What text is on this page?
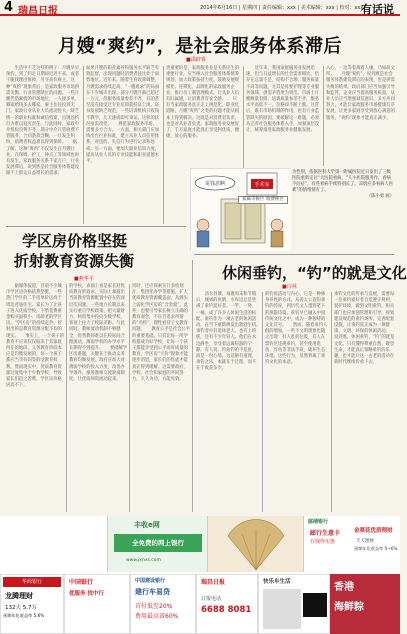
4 瑞昌日报	2014年6月16日 | 星期四 | 责任编辑：xxx | 美术编辑：xxx | 校对：xxx
有话说
月嫂“爽约”，是社会服务体系滞后
■邵辟睿
　　生活中不乏这样的例子：月嫂早早预约，到了约定日期却迟迟不来，或者干脆找理由推掉，另寻高价雇主。这种“爽约”现象背后，是家政服务市场供需失衡、行业管理缺位的问题。一些月嫂凭借紧俏的市场地位，一人接多单，哪家给钱多去哪家，雇主往往投诉无门。家政行业从业人员流动性大，缺乏统一的职业标准和诚信档案，出现违约行为难以追究责任。与此同时，家政中介机构良莠不齐，部分中介只管收费不管服务，合同条款含糊，一旦发生纠纷，消费者权益难以得到保障。　　据了解，这种“爽约”不仅发生在月嫂行业，在保姆、护工、钟点工等领域也时有发生。家政服务关系千家万户，行业发展滞后，说到底是社会服务体系建设跟不上群众日益增长的需求。
如果月嫂的职业素养和服务水平缺乏有效监督，出现问题时消费者往往处于弱势地位。近年来，随着生育政策调整，月嫂需求持续走高，“一嫂难求”的局面在不少城市出现。部分月嫂月薪已超过一万元，但服务质量参差不齐，有的甚至没有接受过专业培训就持证上岗。证书发放缺乏规范，一些培训机构只收钱不教学，几天速成即可拿证。这样的状况亟需改变。　　规范家政服务市场，需要多方合力。一方面，相关部门应加快出台行业标准，建立从业人员信用体系，对违约、失信行为进行记录和惩戒；另一方面，要加大职业培训力度，提高从业人员的专业技能和职业道德水平。
更重要的是，家政服务业是关系民生的重要行业，应当纳入社会服务体系统筹规划，加大政策扶持力度。鼓励发展规模化、连锁化、品牌化的家政服务企业，推行员工制管理模式，让从业人员有归属感，让消费者有安全感。　　只有当家政服务真正走上规范化、职业化道路，月嫂“爽约”之类的问题才能从根本上得到解决。这既是对消费者负责，也是对从业者负责。家政服务业发展好了，千万家庭才能真正享受到优质、便捷、放心的服务。
　　近年来，我国家庭服务业发展迅速，但与日益增长的社会需求相比，仍存在总量不足、结构不合理、服务质量不高等问题。尤其是母婴护理等专业服务领域，供需矛盾更为突出。市场上月嫂数量有限，培训质量参差不齐，服务水平高低不一，价格却不断上涨。这背后，既有市场机制的作用，也有行业监管缺失的原因。要破解这一难题，必须从完善社会服务体系入手，加强顶层设计，统筹推进家政服务业健康发展。
入心，一边等着离着人缘，乃如前文所。　　月嫂“爽约”，说到底是社会服务体系建设滞后的表现，也是供需失衡的结果。政府部门应当加强引导和监管，企业应当提高服务质量，从业人员应当增强诚信意识，多方共同努力，才能让家政服务市场健康有序发展，让更多家庭享受到放心满意的服务，“爽约”现象才能真正减少。
学区房价格坚挺
折射教育资源失衡
■燕华平
　　据媒体报道，目前不少城市学区房价格依然坚挺，一些热门学区的二手房单价远高于周边普通住宅。家长为了让孩子进入优质学校，不惜花费重金购买面积小、房龄老的学区房。“学区房”的持续走热，折射出的是教育资源分配不均的现实。　　事实上，一个孩子的教育不应该仅仅取决于其家庭所在的地段。义务教育阶段本应是均衡发展的，每一个孩子都应当享有同等的受教育权利。然而现实中，优质教育资源过度集中于少数学校，导致家长们趋之若鹜，学区房价格居高不下。
的学校，表面上看是家长对优质教育的追求，实际上暴露出当前教育资源配置中存在的深层次问题。一些地方长期以来实行重点学校政策，把大量财力、师资集中投向少数学校，客观上拉大了校际差距。与此同时，教师流动机制不够健全，优秀教师难以在校际间合理流动，薄弱学校的办学水平长期得不到提升。　　要破解学区房难题，关键在于推动义务教育均衡发展。政府应加大对薄弱学校的投入力度，改善办学条件，推进教师交流轮岗制度，让优质师资流动起来。
同时，还应探索实行多校划片、集团化办学等措施，扩大优质教育资源覆盖面，从源头上弱化学区房的“含金量”。此外，也要引导家长树立正确的教育观念，不盲目追求所谓的“名校”，理性看待子女教育问题。　　教育公平是社会公平的重要基础。只有让每一所学校都成为好学校，让每一个孩子都能享受到公平而有质量的教育，学区房“天价”现象才能逐步消退，家长们的焦虑才能真正得到缓解。这需要政府、学校、社会和家庭的共同努力，久久为功，方能见效。
哥钱恶啊	手术室
家属等候区 收费候区
为性别，依据医科大学第一附属医院近日发出了三级医院重新定位“大医院看病，“人小医院服务作，看病不问症”，有些看病手续特别长了。凉奶应多看病人医难”的情绪情有了。
（陈小勇 画）
休闲垂钓，“钓”的就是文化
■白林
　　清水县城，每逢周末和节假日，城郊的鱼塘、水库边总是坐满了垂钓爱好者。一竿、一凳、一桶，成了许多人休闲生活的标配。垂钓作为一项古老的休闲活动，在当下重新焕发出勃勃生机。　　垂钓者中有退休老人，也有上班族，还有不少年轻人。他们在水边静坐，享受着远离喧嚣的宁静。有人说，钓鱼钓的不是鱼，而是一份心境。这话颇有道理，垂钓之乐，本就在于过程，而不在于收获多少。
的钓鱼活动与内心，它是一种修身养性的方式。从姜太公直钩垂钓的传说，到历代文人墨客笔下的渔隐诗篇，垂钓早已融入中国传统文化之中，成为一种独特的文化符号。　　然而，随着垂钓人群的增加，一些不文明现象也随之出现：有人乱扔垃圾，有人在禁钓区违规垂钓，甚至使用电鱼、炸鱼等非法手段，破坏生态环境。这些行为，显然背离了垂钓文化的本意。
垂钓文化的传承与发展，需要每一位垂钓爱好者自觉遵守规则，爱护环境，做到文明垂钓。相关部门也应加强管理和引导，规划建设规范的垂钓场所，完善配套设施，让垂钓真正成为一项健康、文明、环保的休闲活动。　　说到底，休闲垂钓，“钓”的就是文化。只有懂得尊重自然、敬畏生命，才能真正领略垂钓的乐趣，也才能让这一古老的活动在新时代继续传承下去。
丰收e网
全免费的网上银行
www.jxnxs.com
邮储银行
邮行生意卡
存钱得实惠
金葵花优质理财
天天理财
预期年化收益率 5~6%
华商银行
龙腾理财
132天 5.7万
预期年化收益率 5.6%
中国银行
优服务 找中行
中国建设银行
建行车易贷
首付低至20%
费用最高省60%
瑞昌日报
订报电话
6688 8081
快乐车生活	香港
海鲜粽
